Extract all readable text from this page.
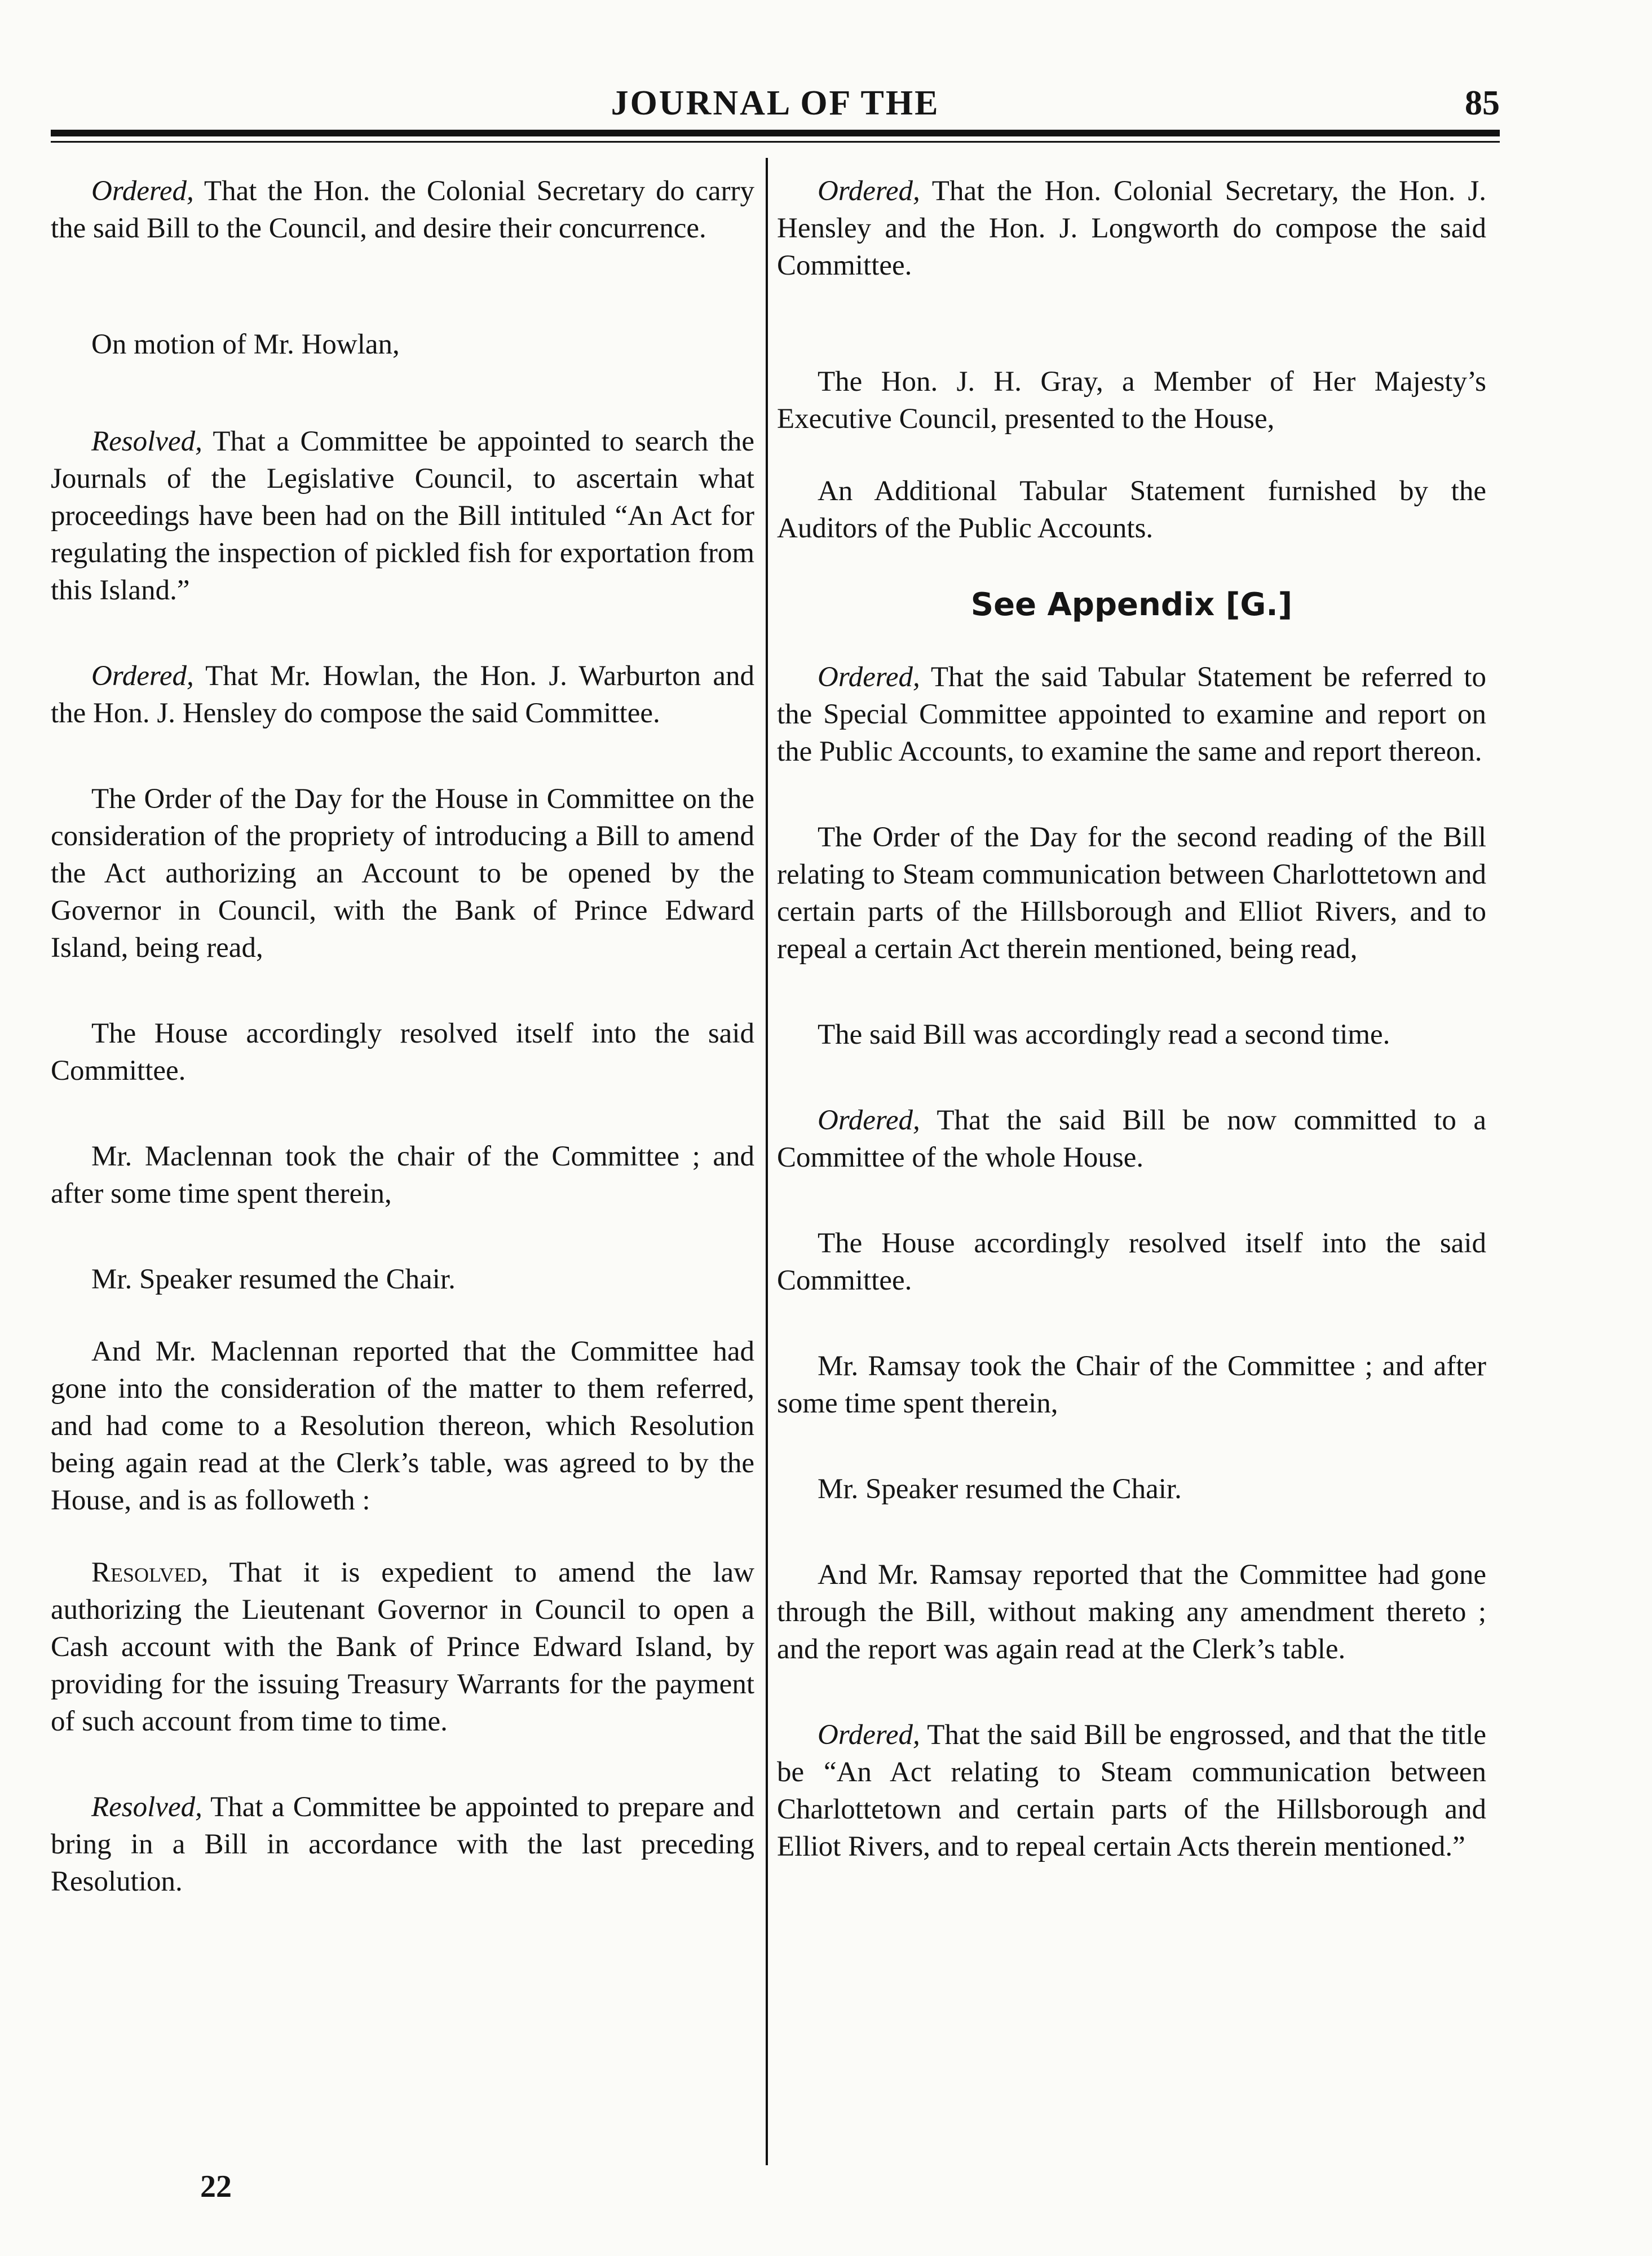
JOURNAL OF THE	85

Ordered, That the Hon. the Colonial Secretary do carry the said Bill to the Council, and desire their concurrence.

On motion of Mr. Howlan,

Resolved, That a Committee be appointed to search the Journals of the Legislative Council, to ascertain what proceedings have been had on the Bill intituled “An Act for regulating the inspection of pickled fish for exportation from this Island.”

Ordered, That Mr. Howlan, the Hon. J. Warburton and the Hon. J. Hensley do compose the said Committee.

The Order of the Day for the House in Committee on the consideration of the propriety of introducing a Bill to amend the Act authorizing an Account to be opened by the Governor in Council, with the Bank of Prince Edward Island, being read,

The House accordingly resolved itself into the said Committee.

Mr. Maclennan took the chair of the Committee ; and after some time spent therein,

Mr. Speaker resumed the Chair.

And Mr. Maclennan reported that the Committee had gone into the consideration of the matter to them referred, and had come to a Resolution thereon, which Resolution being again read at the Clerk’s table, was agreed to by the House, and is as followeth :

Resolved, That it is expedient to amend the law authorizing the Lieutenant Governor in Council to open a Cash account with the Bank of Prince Edward Island, by providing for the issuing Treasury Warrants for the payment of such account from time to time.

Resolved, That a Committee be appointed to prepare and bring in a Bill in accordance with the last preceding Resolution.

Ordered, That the Hon. Colonial Secretary, the Hon. J. Hensley and the Hon. J. Longworth do compose the said Committee.

The Hon. J. H. Gray, a Member of Her Majesty’s Executive Council, presented to the House,

An Additional Tabular Statement furnished by the Auditors of the Public Accounts.

See Appendix [G.]

Ordered, That the said Tabular Statement be referred to the Special Committee appointed to examine and report on the Public Accounts, to examine the same and report thereon.

The Order of the Day for the second reading of the Bill relating to Steam communication between Charlottetown and certain parts of the Hillsborough and Elliot Rivers, and to repeal a certain Act therein mentioned, being read,

The said Bill was accordingly read a second time.

Ordered, That the said Bill be now committed to a Committee of the whole House.

The House accordingly resolved itself into the said Committee.

Mr. Ramsay took the Chair of the Committee ; and after some time spent therein,

Mr. Speaker resumed the Chair.

And Mr. Ramsay reported that the Committee had gone through the Bill, without making any amendment thereto ; and the report was again read at the Clerk’s table.

Ordered, That the said Bill be engrossed, and that the title be “An Act relating to Steam communication between Charlottetown and certain parts of the Hillsborough and Elliot Rivers, and to repeal certain Acts therein mentioned.”

22
